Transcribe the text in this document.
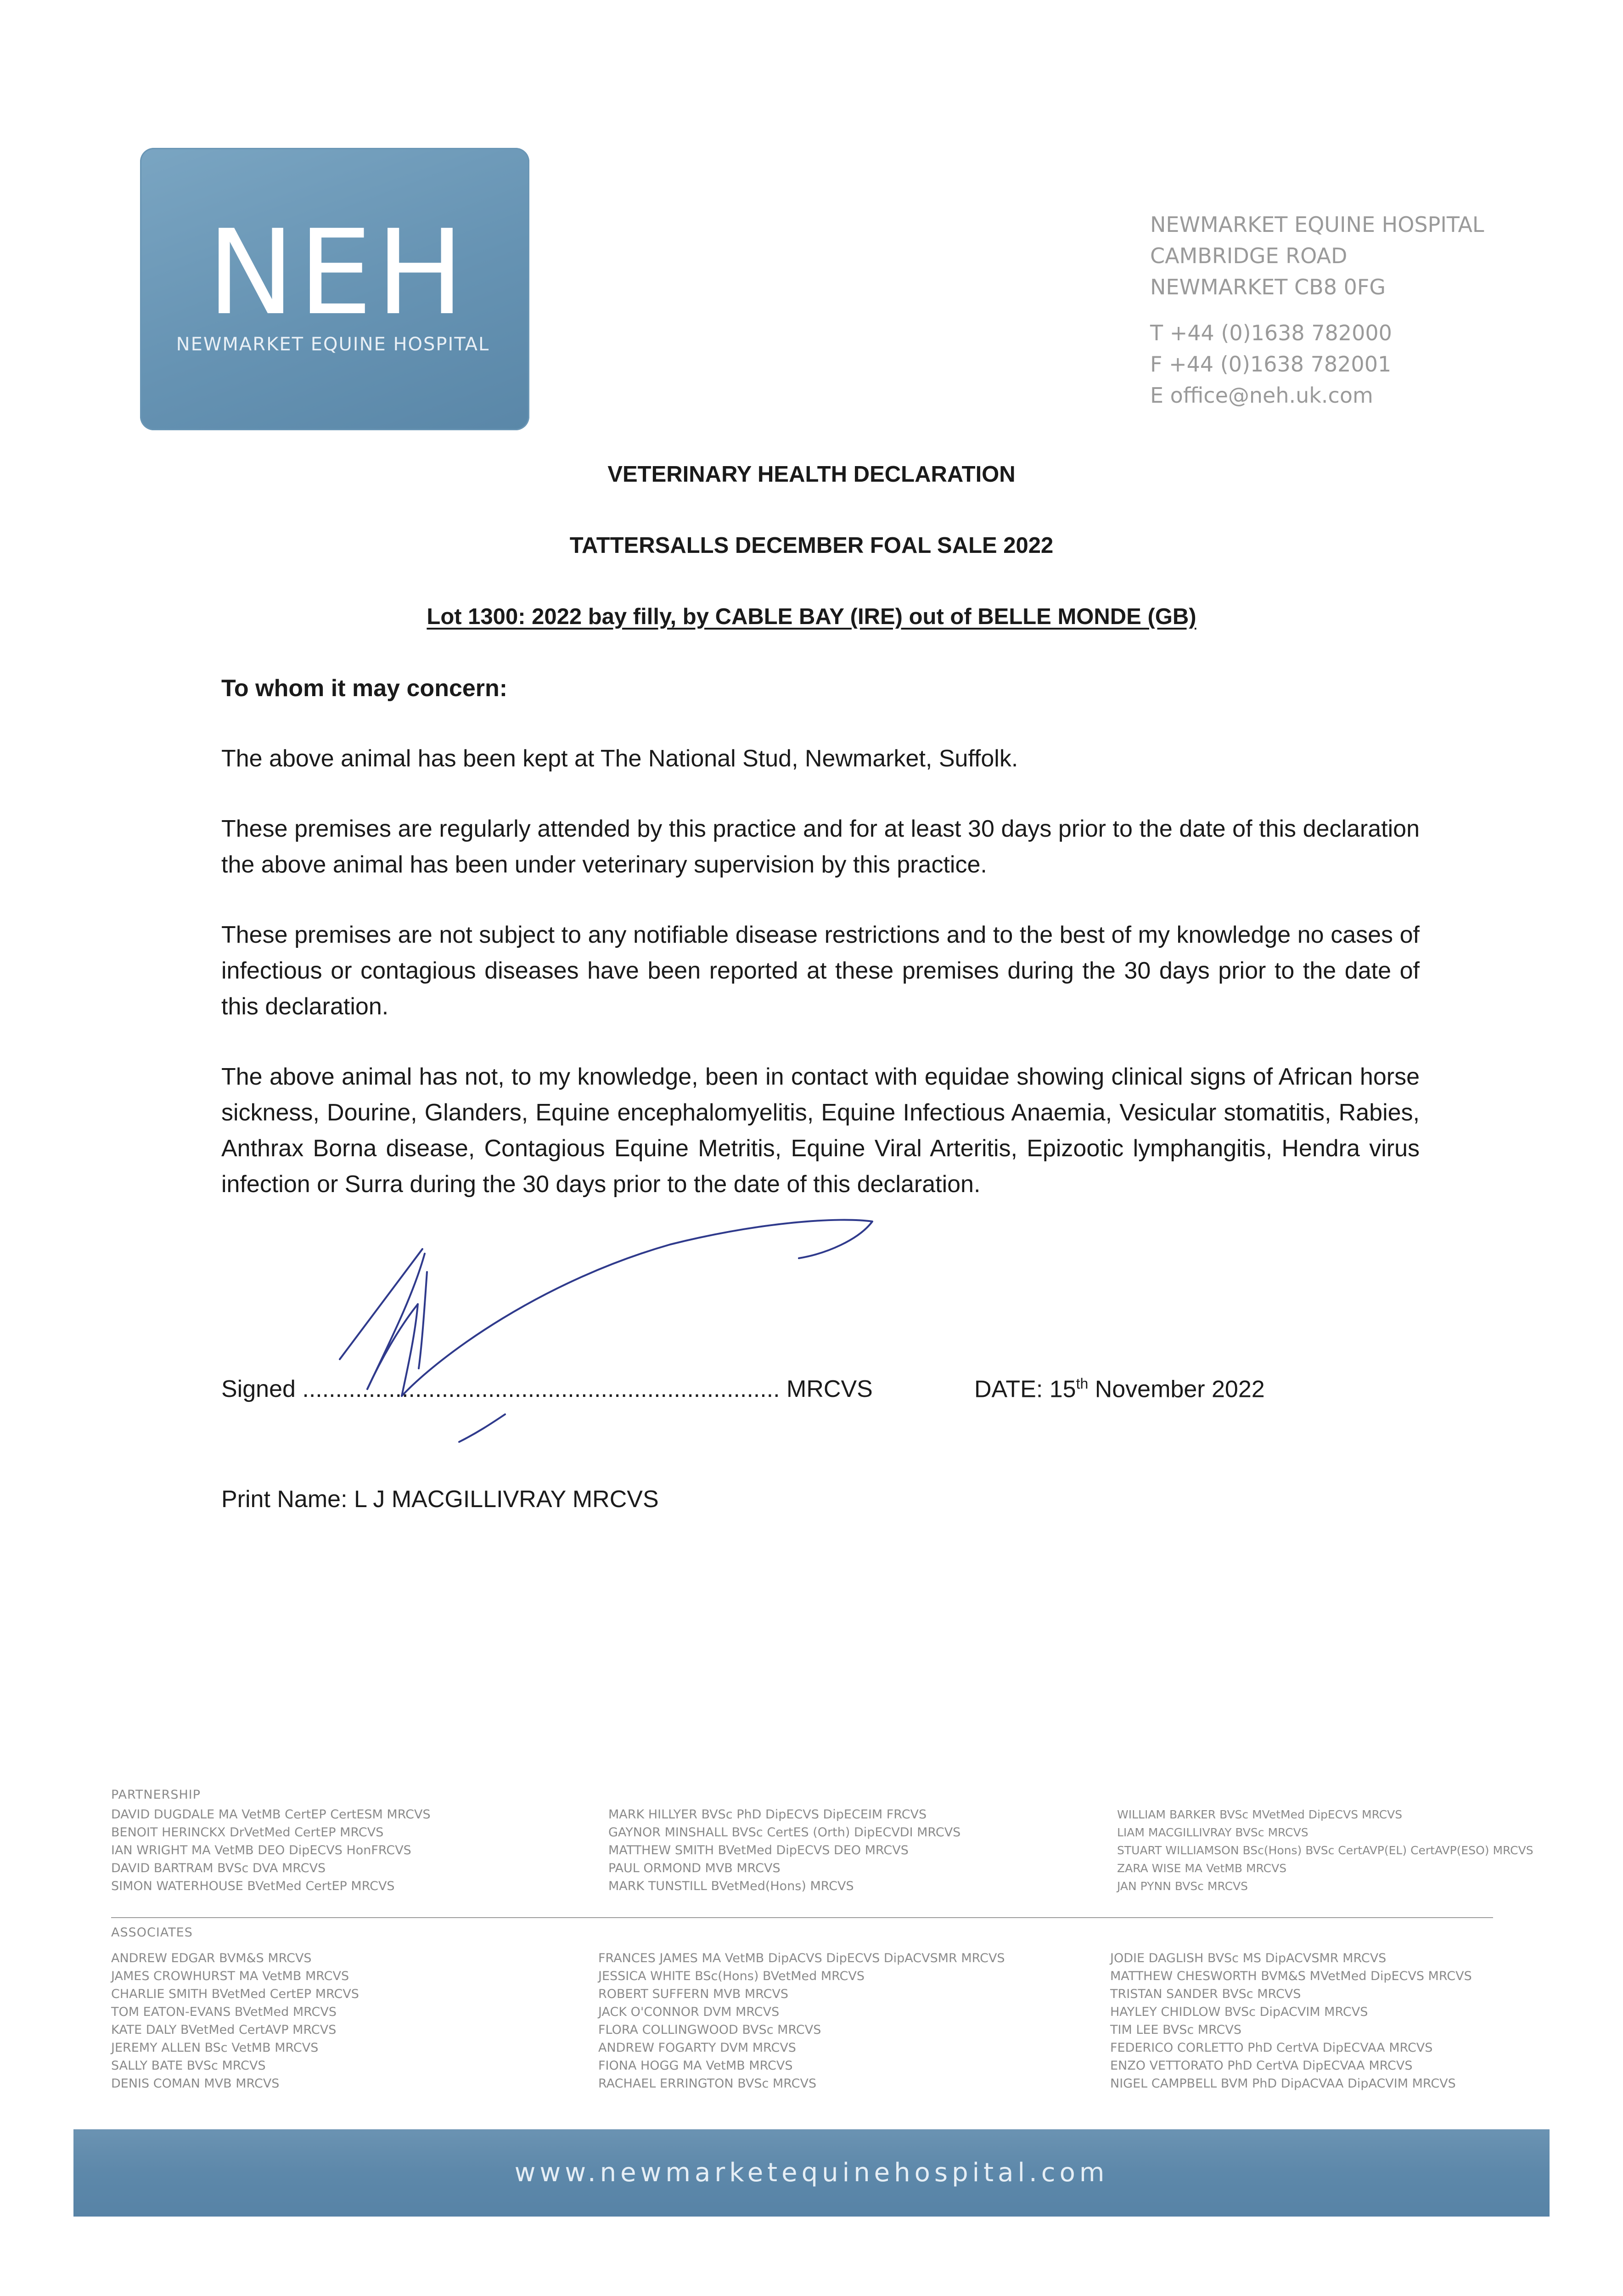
NEH
NEWMARKET EQUINE HOSPITAL
NEWMARKET EQUINE HOSPITAL
CAMBRIDGE ROAD
NEWMARKET CB8 0FG
T +44 (0)1638 782000
F +44 (0)1638 782001
E office@neh.uk.com
VETERINARY HEALTH DECLARATION
TATTERSALLS DECEMBER FOAL SALE 2022
Lot 1300: 2022 bay filly, by CABLE BAY (IRE) out of BELLE MONDE (GB)
To whom it may concern:

The above animal has been kept at The National Stud, Newmarket, Suffolk.

These premises are regularly attended by this practice and for at least 30 days prior to the date of this declaration the above animal has been under veterinary supervision by this practice.

These premises are not subject to any notifiable disease restrictions and to the best of my knowledge no cases of infectious or contagious diseases have been reported at these premises during the 30 days prior to the date of this declaration.

The above animal has not, to my knowledge, been in contact with equidae showing clinical signs of African horse sickness, Dourine, Glanders, Equine encephalomyelitis, Equine Infectious Anaemia, Vesicular stomatitis, Rabies, Anthrax Borna disease, Contagious Equine Metritis, Equine Viral Arteritis, Epizootic lymphangitis, Hendra virus infection or Surra during the 30 days prior to the date of this declaration.

Signed ........................................................................ MRCVS	DATE: 15th November 2022
Print Name: L J MACGILLIVRAY MRCVS
PARTNERSHIP
DAVID DUGDALE MA VetMB CertEP CertESM MRCVS
BENOIT HERINCKX DrVetMed CertEP MRCVS
IAN WRIGHT MA VetMB DEO DipECVS HonFRCVS
DAVID BARTRAM BVSc DVA MRCVS
SIMON WATERHOUSE BVetMed CertEP MRCVS
MARK HILLYER BVSc PhD DipECVS DipECEIM FRCVS
GAYNOR MINSHALL BVSc CertES (Orth) DipECVDI MRCVS
MATTHEW SMITH BVetMed DipECVS DEO MRCVS
PAUL ORMOND MVB MRCVS
MARK TUNSTILL BVetMed(Hons) MRCVS
WILLIAM BARKER BVSc MVetMed DipECVS MRCVS
LIAM MACGILLIVRAY BVSc MRCVS
STUART WILLIAMSON BSc(Hons) BVSc CertAVP(EL) CertAVP(ESO) MRCVS
ZARA WISE MA VetMB MRCVS
JAN PYNN BVSc MRCVS
ASSOCIATES
ANDREW EDGAR BVM&S MRCVS
JAMES CROWHURST MA VetMB MRCVS
CHARLIE SMITH BVetMed CertEP MRCVS
TOM EATON-EVANS BVetMed MRCVS
KATE DALY BVetMed CertAVP MRCVS
JEREMY ALLEN BSc VetMB MRCVS
SALLY BATE BVSc MRCVS
DENIS COMAN MVB MRCVS
FRANCES JAMES MA VetMB DipACVS DipECVS DipACVSMR MRCVS
JESSICA WHITE BSc(Hons) BVetMed MRCVS
ROBERT SUFFERN MVB MRCVS
JACK O'CONNOR DVM MRCVS
FLORA COLLINGWOOD BVSc MRCVS
ANDREW FOGARTY DVM MRCVS
FIONA HOGG MA VetMB MRCVS
RACHAEL ERRINGTON BVSc MRCVS
JODIE DAGLISH BVSc MS DipACVSMR MRCVS
MATTHEW CHESWORTH BVM&S MVetMed DipECVS MRCVS
TRISTAN SANDER BVSc MRCVS
HAYLEY CHIDLOW BVSc DipACVIM MRCVS
TIM LEE BVSc MRCVS
FEDERICO CORLETTO PhD CertVA DipECVAA MRCVS
ENZO VETTORATO PhD CertVA DipECVAA MRCVS
NIGEL CAMPBELL BVM PhD DipACVAA DipACVIM MRCVS
www.newmarketequinehospital.com
